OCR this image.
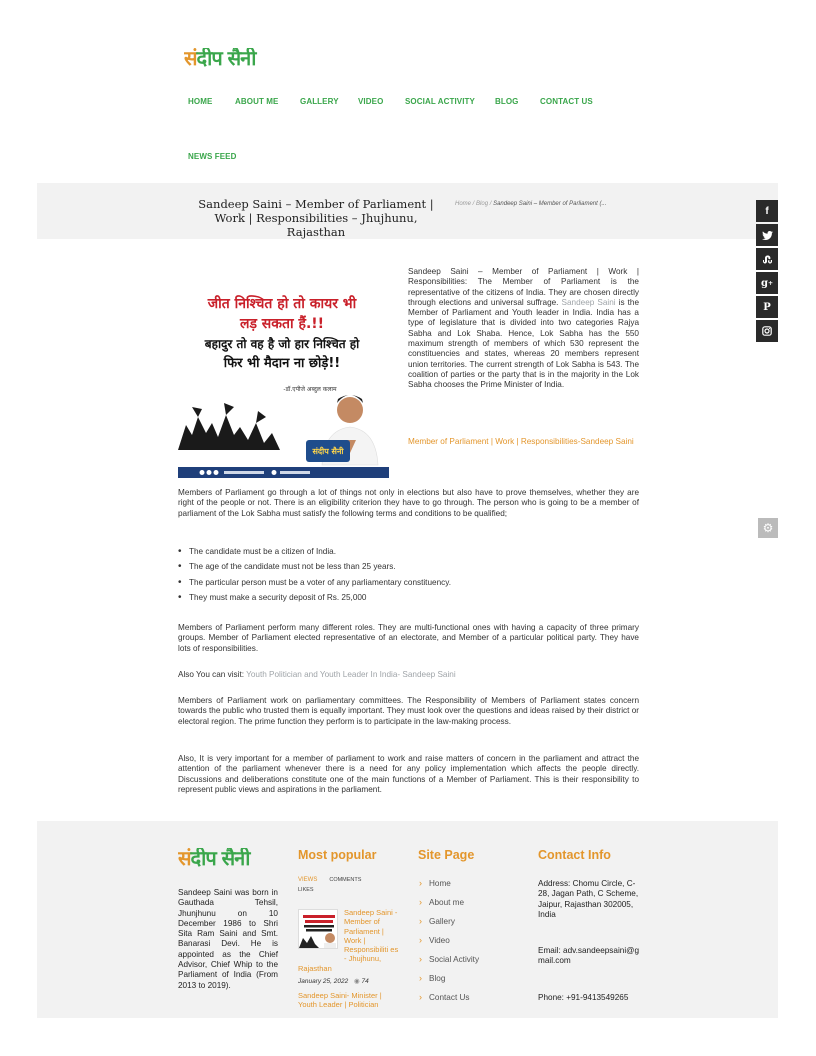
संदीप सैनी
HOME	ABOUT ME	GALLERY VIDEO	SOCIAL ACTIVITY	BLOG	CONTACT US
NEWS FEED
Sandeep Saini – Member of Parliament | Work | Responsibilities – Jhujhunu, Rajasthan
Home / Blog / Sandeep Saini – Member of Parliament (...
f
g +
P
⚙
जीत निश्चित हो तो कायर भी
लड़ सकता हैं.!!
बहादुर तो वह है जो हार निश्चित हो
फिर भी मैदान ना छोड़े!!
-डॉ.एपीजे अब्दुल कलाम
संदीप सैनी

Sandeep Saini – Member of Parliament | Work | Responsibilities: The Member of Parliament is the representative of the citizens of India. They are chosen directly through elections and universal suffrage. Sandeep Saini is the Member of Parliament and Youth leader in India. India has a type of legislature that is divided into two categories Rajya Sabha and Lok Shaba. Hence, Lok Sabha has the 550 maximum strength of members of which 530 represent the constituencies and states, whereas 20 members represent union territories. The current strength of Lok Sabha is 543. The coalition of parties or the party that is in the majority in the Lok Sabha chooses the Prime Minister of India.

Member of Parliament | Work | Responsibilities-Sandeep Saini

Members of Parliament go through a lot of things not only in elections but also have to prove themselves, whether they are right of the people or not. There is an eligibility criterion they have to go through. The person who is going to be a member of parliament of the Lok Sabha must satisfy the following terms and conditions to be qualified;

• The candidate must be a citizen of India.
• The age of the candidate must not be less than 25 years.
• The particular person must be a voter of any parliamentary constituency.
• They must make a security deposit of Rs. 25,000

Members of Parliament perform many different roles. They are multi-functional ones with having a capacity of three primary groups. Member of Parliament elected representative of an electorate, and Member of a particular political party. They have lots of responsibilities.

Also You can visit: Youth Politician and Youth Leader In India- Sandeep Saini

Members of Parliament work on parliamentary committees. The Responsibility of Members of Parliament states concern towards the public who trusted them is equally important. They must look over the questions and ideas raised by their district or electoral region. The prime function they perform is to participate in the law-making process.

Also, It is very important for a member of parliament to work and raise matters of concern in the parliament and attract the attention of the parliament whenever there is a need for any policy implementation which affects the people directly. Discussions and deliberations constitute one of the main functions of a Member of Parliament. This is their responsibility to represent public views and aspirations in the parliament.

संदीप सैनी

Sandeep Saini was born in Gauthada Tehsil, Jhunjhunu on 10 December 1986 to Shri Sita Ram Saini and Smt. Banarasi Devi. He is appointed as the Chief Advisor, Chief Whip to the Parliament of India (From 2013 to 2019).

Most popular
VIEWS COMMENTS
LIKES
Sandeep Saini - Member of Parliament | Work | Responsibiliti es - Jhujhunu,
Rajasthan
January 25, 2022 ◉ 74
Sandeep Saini- Minister | Youth Leader | Politician
Site Page
› Home
› About me
› Gallery
› Video
› Social Activity
› Blog
› Contact Us
Contact Info

Address: Chomu Circle, C-28, Jagan Path, C Scheme, Jaipur, Rajasthan 302005, India

Email: adv.sandeepsaini@gmail.com

Phone: +91-9413549265
